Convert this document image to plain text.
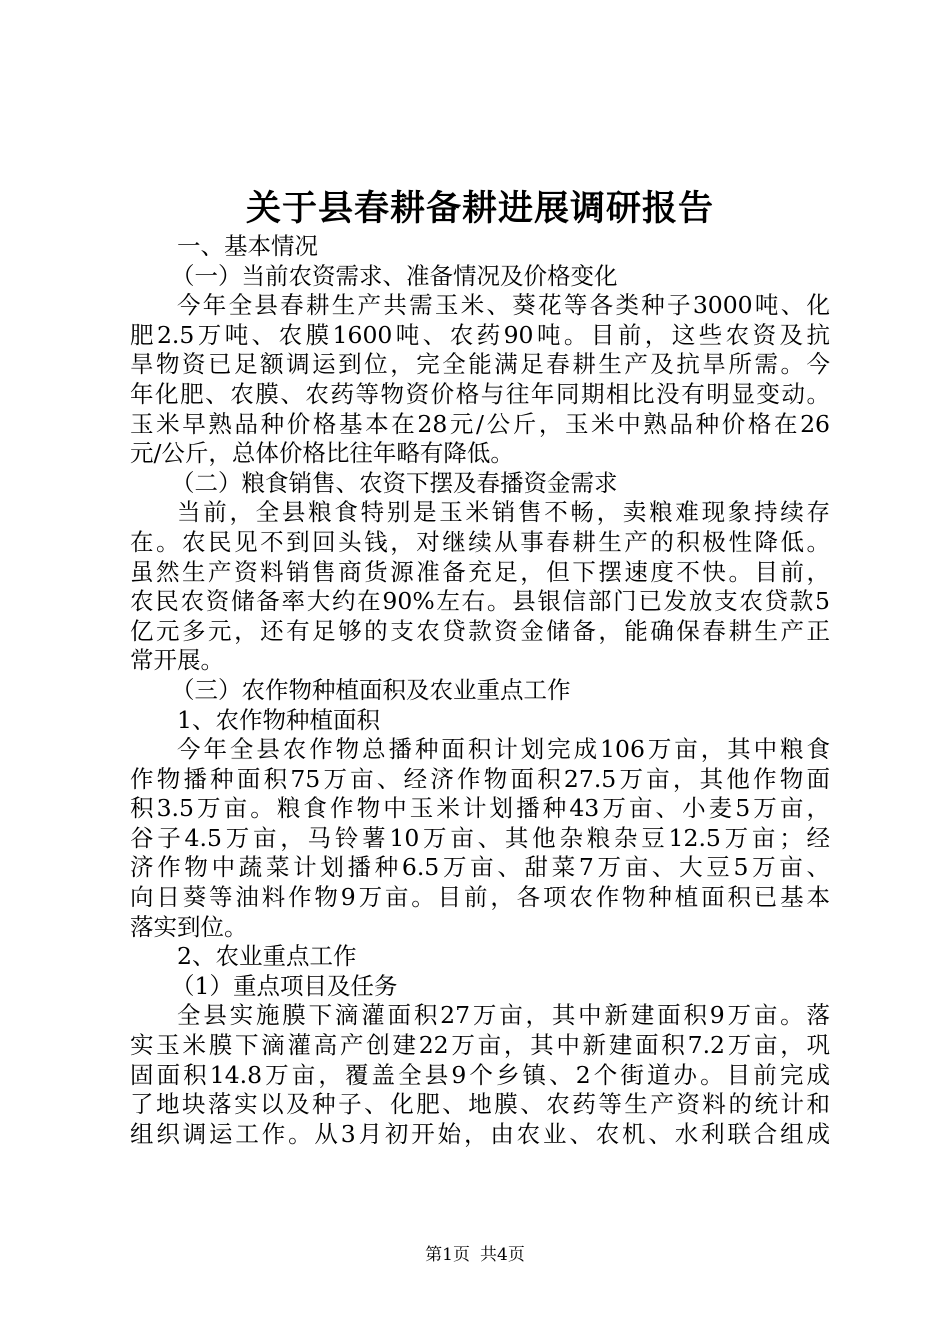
关于县春耕备耕进展调研报告

一、基本情况

（一）当前农资需求、准备情况及价格变化

今年全县春耕生产共需玉米、葵花等各类种子3000吨、化

肥2.5万吨、农膜1600吨、农药90吨。目前，这些农资及抗

旱物资已足额调运到位，完全能满足春耕生产及抗旱所需。今

年化肥、农膜、农药等物资价格与往年同期相比没有明显变动。

玉米早熟品种价格基本在28元/公斤，玉米中熟品种价格在26

元/公斤，总体价格比往年略有降低。

（二）粮食销售、农资下摆及春播资金需求

当前，全县粮食特别是玉米销售不畅，卖粮难现象持续存

在。农民见不到回头钱，对继续从事春耕生产的积极性降低。

虽然生产资料销售商货源准备充足，但下摆速度不快。目前，

农民农资储备率大约在90%左右。县银信部门已发放支农贷款5

亿元多元，还有足够的支农贷款资金储备，能确保春耕生产正

常开展。

（三）农作物种植面积及农业重点工作

1、农作物种植面积

今年全县农作物总播种面积计划完成106万亩，其中粮食

作物播种面积75万亩、经济作物面积27.5万亩，其他作物面

积3.5万亩。粮食作物中玉米计划播种43万亩、小麦5万亩，

谷子4.5万亩，马铃薯10万亩、其他杂粮杂豆12.5万亩；经

济作物中蔬菜计划播种6.5万亩、甜菜7万亩、大豆5万亩、

向日葵等油料作物9万亩。目前，各项农作物种植面积已基本

落实到位。

2、农业重点工作

（1）重点项目及任务

全县实施膜下滴灌面积27万亩，其中新建面积9万亩。落

实玉米膜下滴灌高产创建22万亩，其中新建面积7.2万亩，巩

固面积14.8万亩，覆盖全县9个乡镇、2个街道办。目前完成

了地块落实以及种子、化肥、地膜、农药等生产资料的统计和

组织调运工作。从3月初开始，由农业、农机、水利联合组成

第1页 共4页
